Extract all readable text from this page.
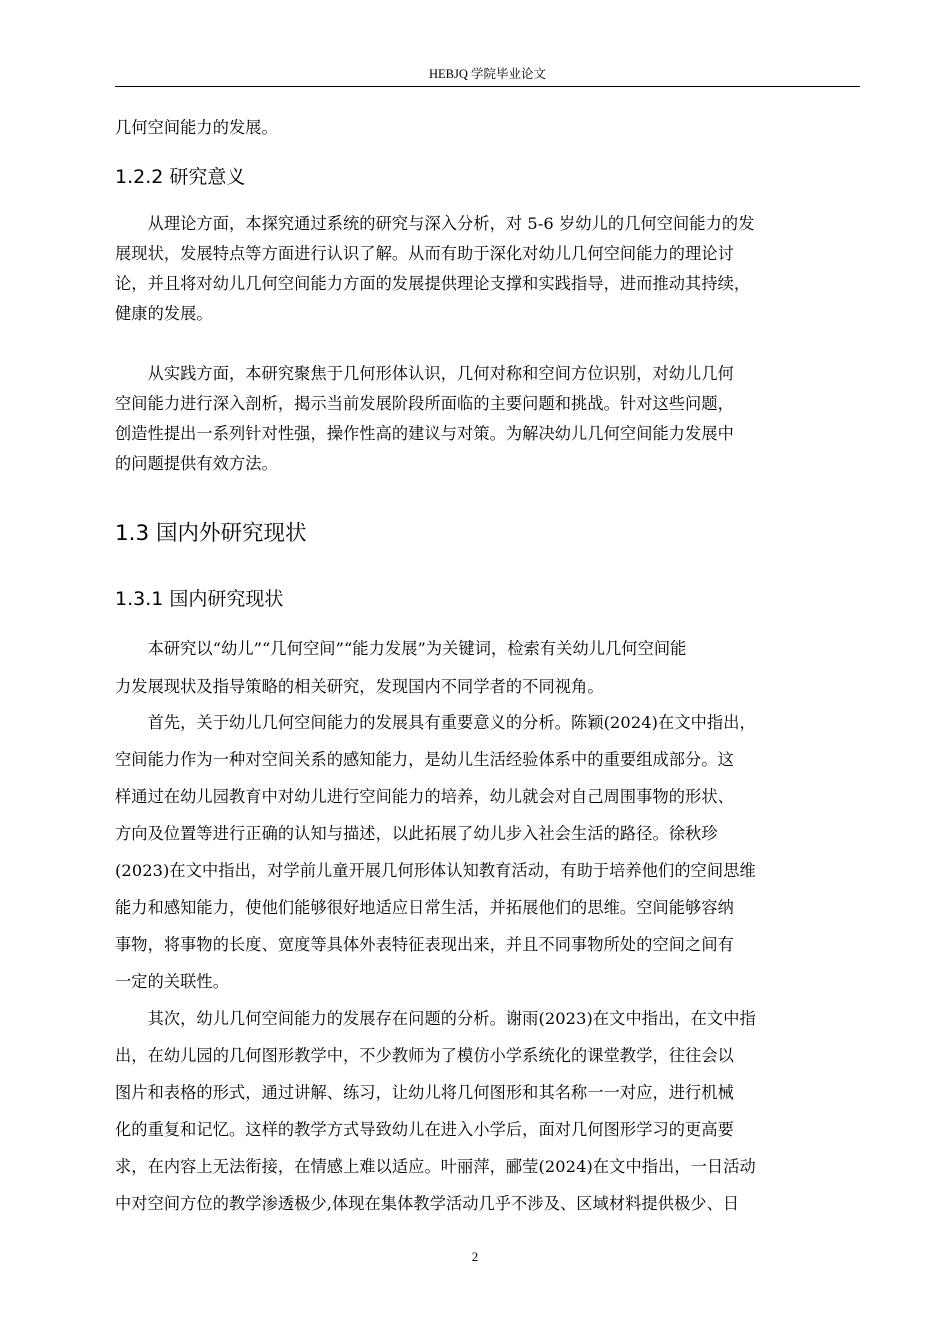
HEBJQ 学院毕业论文
几何空间能力的发展。
1.2.2 研究意义
　　从理论方面，本探究通过系统的研究与深入分析，对 5-6 岁幼儿的几何空间能力的发
展现状，发展特点等方面进行认识了解。从而有助于深化对幼儿几何空间能力的理论讨
论，并且将对幼儿几何空间能力方面的发展提供理论支撑和实践指导，进而推动其持续，
健康的发展。
　　从实践方面，本研究聚焦于几何形体认识，几何对称和空间方位识别，对幼儿几何
空间能力进行深入剖析，揭示当前发展阶段所面临的主要问题和挑战。针对这些问题，
创造性提出一系列针对性强，操作性高的建议与对策。为解决幼儿几何空间能力发展中
的问题提供有效方法。
1.3 国内外研究现状
1.3.1 国内研究现状
　　本研究以“幼儿”“几何空间”“能力发展”为关键词，检索有关幼儿几何空间能
力发展现状及指导策略的相关研究，发现国内不同学者的不同视角。
　　首先，关于幼儿几何空间能力的发展具有重要意义的分析。陈颖(2024)在文中指出，
空间能力作为一种对空间关系的感知能力，是幼儿生活经验体系中的重要组成部分。这
样通过在幼儿园教育中对幼儿进行空间能力的培养，幼儿就会对自己周围事物的形状、
方向及位置等进行正确的认知与描述，以此拓展了幼儿步入社会生活的路径。徐秋珍
(2023)在文中指出，对学前儿童开展几何形体认知教育活动，有助于培养他们的空间思维
能力和感知能力，使他们能够很好地适应日常生活，并拓展他们的思维。空间能够容纳
事物，将事物的长度、宽度等具体外表特征表现出来，并且不同事物所处的空间之间有
一定的关联性。
　　其次，幼儿几何空间能力的发展存在问题的分析。谢雨(2023)在文中指出，在文中指
出，在幼儿园的几何图形教学中，不少教师为了模仿小学系统化的课堂教学，往往会以
图片和表格的形式，通过讲解、练习，让幼儿将几何图形和其名称一一对应，进行机械
化的重复和记忆。这样的教学方式导致幼儿在进入小学后，面对几何图形学习的更高要
求，在内容上无法衔接，在情感上难以适应。叶丽萍，郦莹(2024)在文中指出，一日活动
中对空间方位的教学渗透极少,体现在集体教学活动几乎不涉及、区域材料提供极少、日
2
